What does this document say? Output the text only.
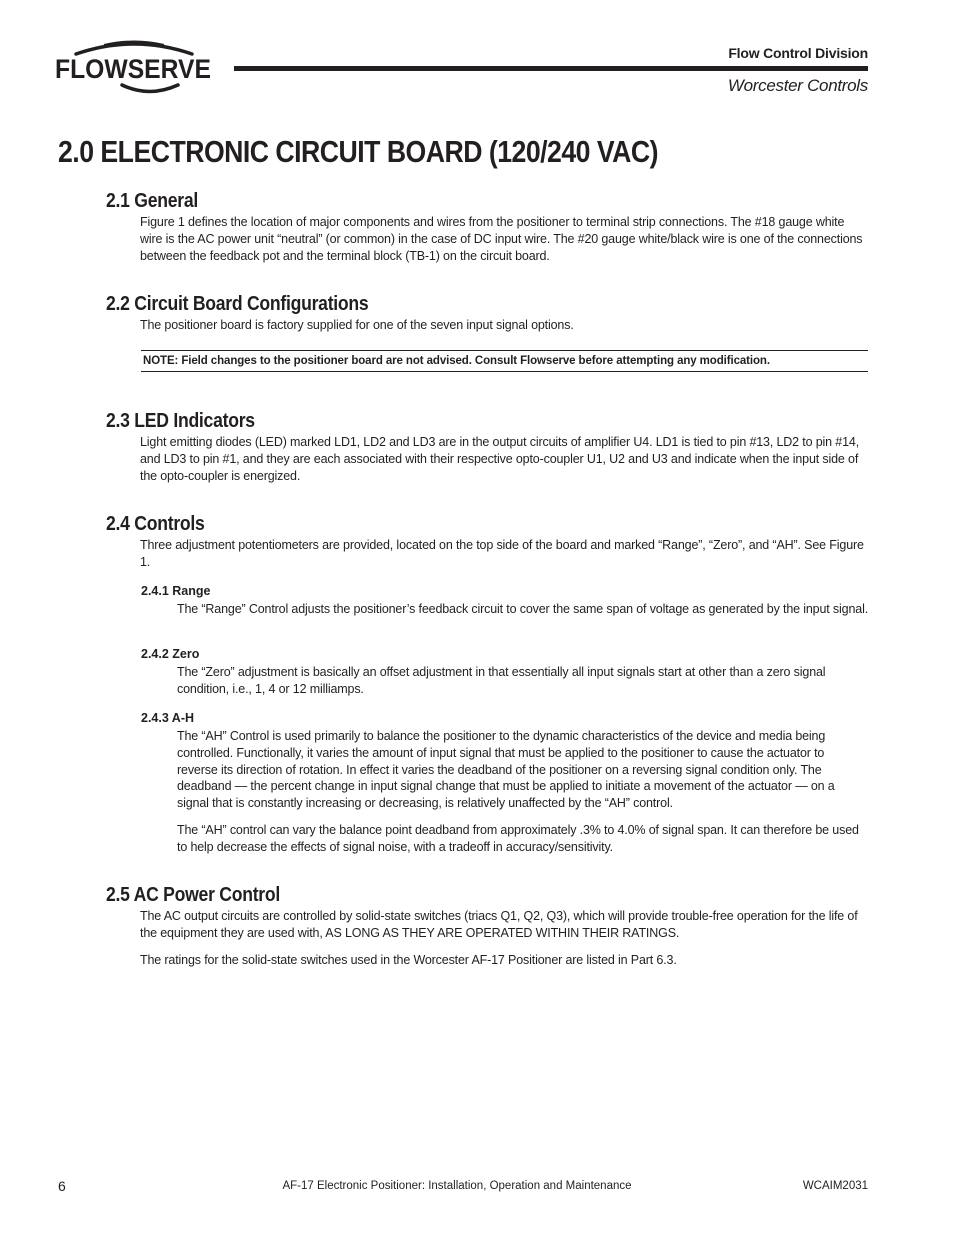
FLOWSERVE
Flow Control Division
Worcester Controls
2.0 ELECTRONIC CIRCUIT BOARD (120/240 VAC)
2.1 General

Figure 1 defines the location of major components and wires from the positioner to terminal strip connections. The #18 gauge white wire is the AC power unit “neutral” (or common) in the case of DC input wire. The #20 gauge white/black wire is one of the connections between the feedback pot and the terminal block (TB-1) on the circuit board.

2.2 Circuit Board Configurations

The positioner board is factory supplied for one of the seven input signal options.

NOTE: Field changes to the positioner board are not advised. Consult Flowserve before attempting any modification.
2.3 LED Indicators

Light emitting diodes (LED) marked LD1, LD2 and LD3 are in the output circuits of amplifier U4. LD1 is tied to pin #13, LD2 to pin #14, and LD3 to pin #1, and they are each associated with their respective opto-coupler U1, U2 and U3 and indicate when the input side of the opto-coupler is energized.

2.4 Controls

Three adjustment potentiometers are provided, located on the top side of the board and marked “Range”, “Zero”, and “AH”. See Figure 1.

2.4.1 Range

The “Range” Control adjusts the positioner’s feedback circuit to cover the same span of voltage as generated by the input signal.

2.4.2 Zero

The “Zero” adjustment is basically an offset adjustment in that essentially all input signals start at other than a zero signal condition, i.e., 1, 4 or 12 milliamps.

2.4.3 A-H

The “AH” Control is used primarily to balance the positioner to the dynamic characteristics of the device and media being controlled. Functionally, it varies the amount of input signal that must be applied to the positioner to cause the actuator to reverse its direction of rotation. In effect it varies the deadband of the positioner on a reversing signal condition only. The deadband — the percent change in input signal change that must be applied to initiate a movement of the actuator — on a signal that is constantly increasing or decreasing, is relatively unaffected by the “AH” control.

The “AH” control can vary the balance point deadband from approximately .3% to 4.0% of signal span. It can therefore be used to help decrease the effects of signal noise, with a tradeoff in accuracy/sensitivity.

2.5 AC Power Control

The AC output circuits are controlled by solid-state switches (triacs Q1, Q2, Q3), which will provide trouble-free operation for the life of the equipment they are used with, AS LONG AS THEY ARE OPERATED WITHIN THEIR RATINGS.

The ratings for the solid-state switches used in the Worcester AF-17 Positioner are listed in Part 6.3.

6	AF-17 Electronic Positioner: Installation, Operation and Maintenance	WCAIM2031
